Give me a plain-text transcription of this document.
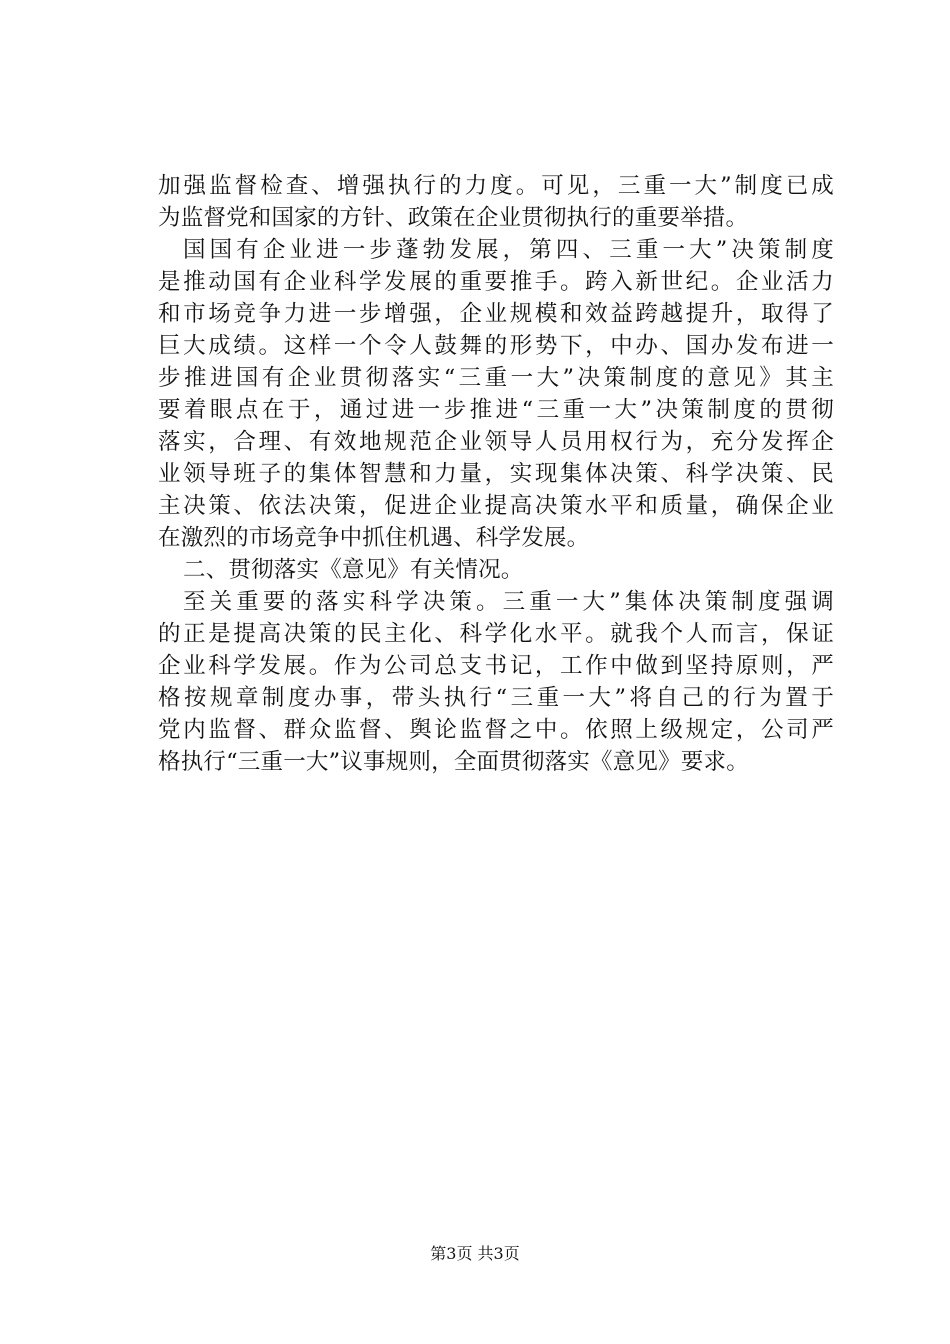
加强监督检查、增强执行的力度。可见，三重一大”制度已成
为监督党和国家的方针、政策在企业贯彻执行的重要举措。
国国有企业进一步蓬勃发展，第四、三重一大”决策制度
是推动国有企业科学发展的重要推手。跨入新世纪。企业活力
和市场竞争力进一步增强，企业规模和效益跨越提升，取得了
巨大成绩。这样一个令人鼓舞的形势下，中办、国办发布进一
步推进国有企业贯彻落实“三重一大”决策制度的意见》其主
要着眼点在于，通过进一步推进“三重一大”决策制度的贯彻
落实，合理、有效地规范企业领导人员用权行为，充分发挥企
业领导班子的集体智慧和力量，实现集体决策、科学决策、民
主决策、依法决策，促进企业提高决策水平和质量，确保企业
在激烈的市场竞争中抓住机遇、科学发展。
二、贯彻落实《意见》有关情况。
至关重要的落实科学决策。三重一大”集体决策制度强调
的正是提高决策的民主化、科学化水平。就我个人而言，保证
企业科学发展。作为公司总支书记，工作中做到坚持原则，严
格按规章制度办事，带头执行“三重一大”将自己的行为置于
党内监督、群众监督、舆论监督之中。依照上级规定，公司严
格执行“三重一大”议事规则，全面贯彻落实《意见》要求。
第3页 共3页
